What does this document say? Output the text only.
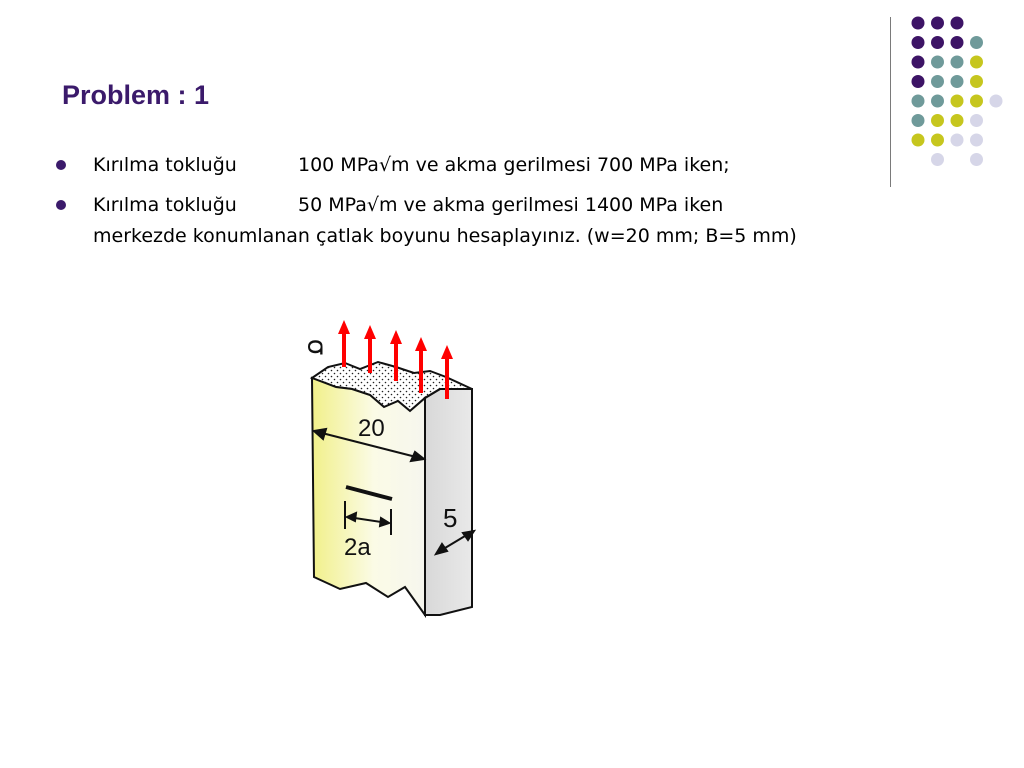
Problem : 1
Kırılma tokluğu	100 MPa√m ve akma gerilmesi 700 MPa iken;
Kırılma tokluğu	50 MPa√m ve akma gerilmesi 1400 MPa iken
merkezde konumlanan çatlak boyunu hesaplayınız. (w=20 mm; B=5 mm)
20
2a
5
σ
